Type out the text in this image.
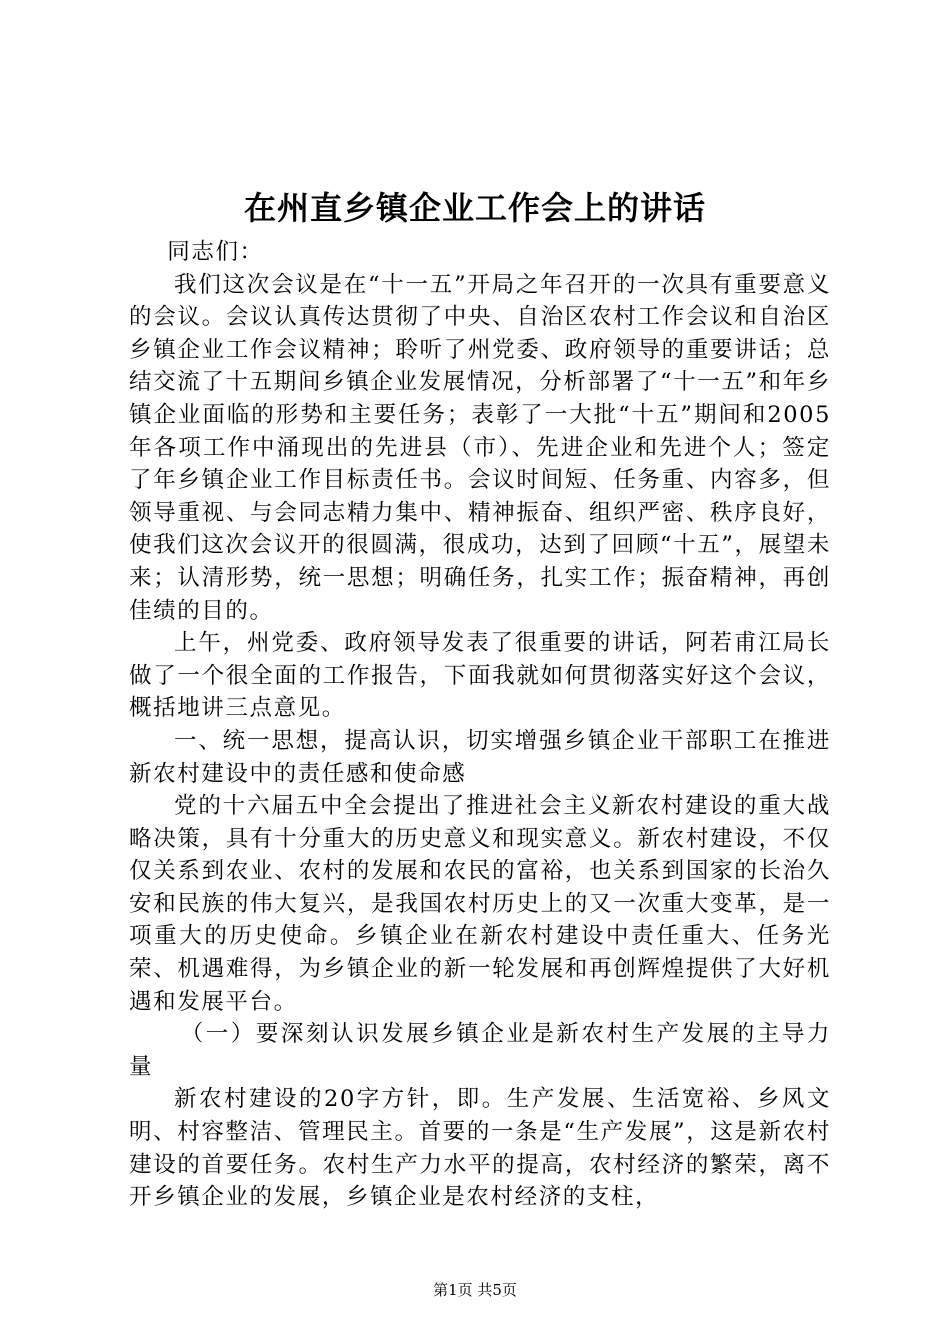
在州直乡镇企业工作会上的讲话

同志们：

我们这次会议是在“十一五”开局之年召开的一次具有重要意义的会议。会议认真传达贯彻了中央、自治区农村工作会议和自治区乡镇企业工作会议精神；聆听了州党委、政府领导的重要讲话；总结交流了十五期间乡镇企业发展情况，分析部署了“十一五”和年乡镇企业面临的形势和主要任务；表彰了一大批“十五”期间和2005年各项工作中涌现出的先进县（市）、先进企业和先进个人；签定了年乡镇企业工作目标责任书。会议时间短、任务重、内容多，但领导重视、与会同志精力集中、精神振奋、组织严密、秩序良好，使我们这次会议开的很圆满，很成功，达到了回顾“十五”，展望未来；认清形势，统一思想；明确任务，扎实工作；振奋精神，再创佳绩的目的。

上午，州党委、政府领导发表了很重要的讲话，阿若甫江局长做了一个很全面的工作报告，下面我就如何贯彻落实好这个会议，概括地讲三点意见。

一、统一思想，提高认识，切实增强乡镇企业干部职工在推进新农村建设中的责任感和使命感

党的十六届五中全会提出了推进社会主义新农村建设的重大战略决策，具有十分重大的历史意义和现实意义。新农村建设，不仅仅关系到农业、农村的发展和农民的富裕，也关系到国家的长治久安和民族的伟大复兴，是我国农村历史上的又一次重大变革，是一项重大的历史使命。乡镇企业在新农村建设中责任重大、任务光荣、机遇难得，为乡镇企业的新一轮发展和再创辉煌提供了大好机遇和发展平台。

（一）要深刻认识发展乡镇企业是新农村生产发展的主导力量

新农村建设的20字方针，即。生产发展、生活宽裕、乡风文明、村容整洁、管理民主。首要的一条是“生产发展”，这是新农村建设的首要任务。农村生产力水平的提高，农村经济的繁荣，离不开乡镇企业的发展，乡镇企业是农村经济的支柱，

第1页 共5页
